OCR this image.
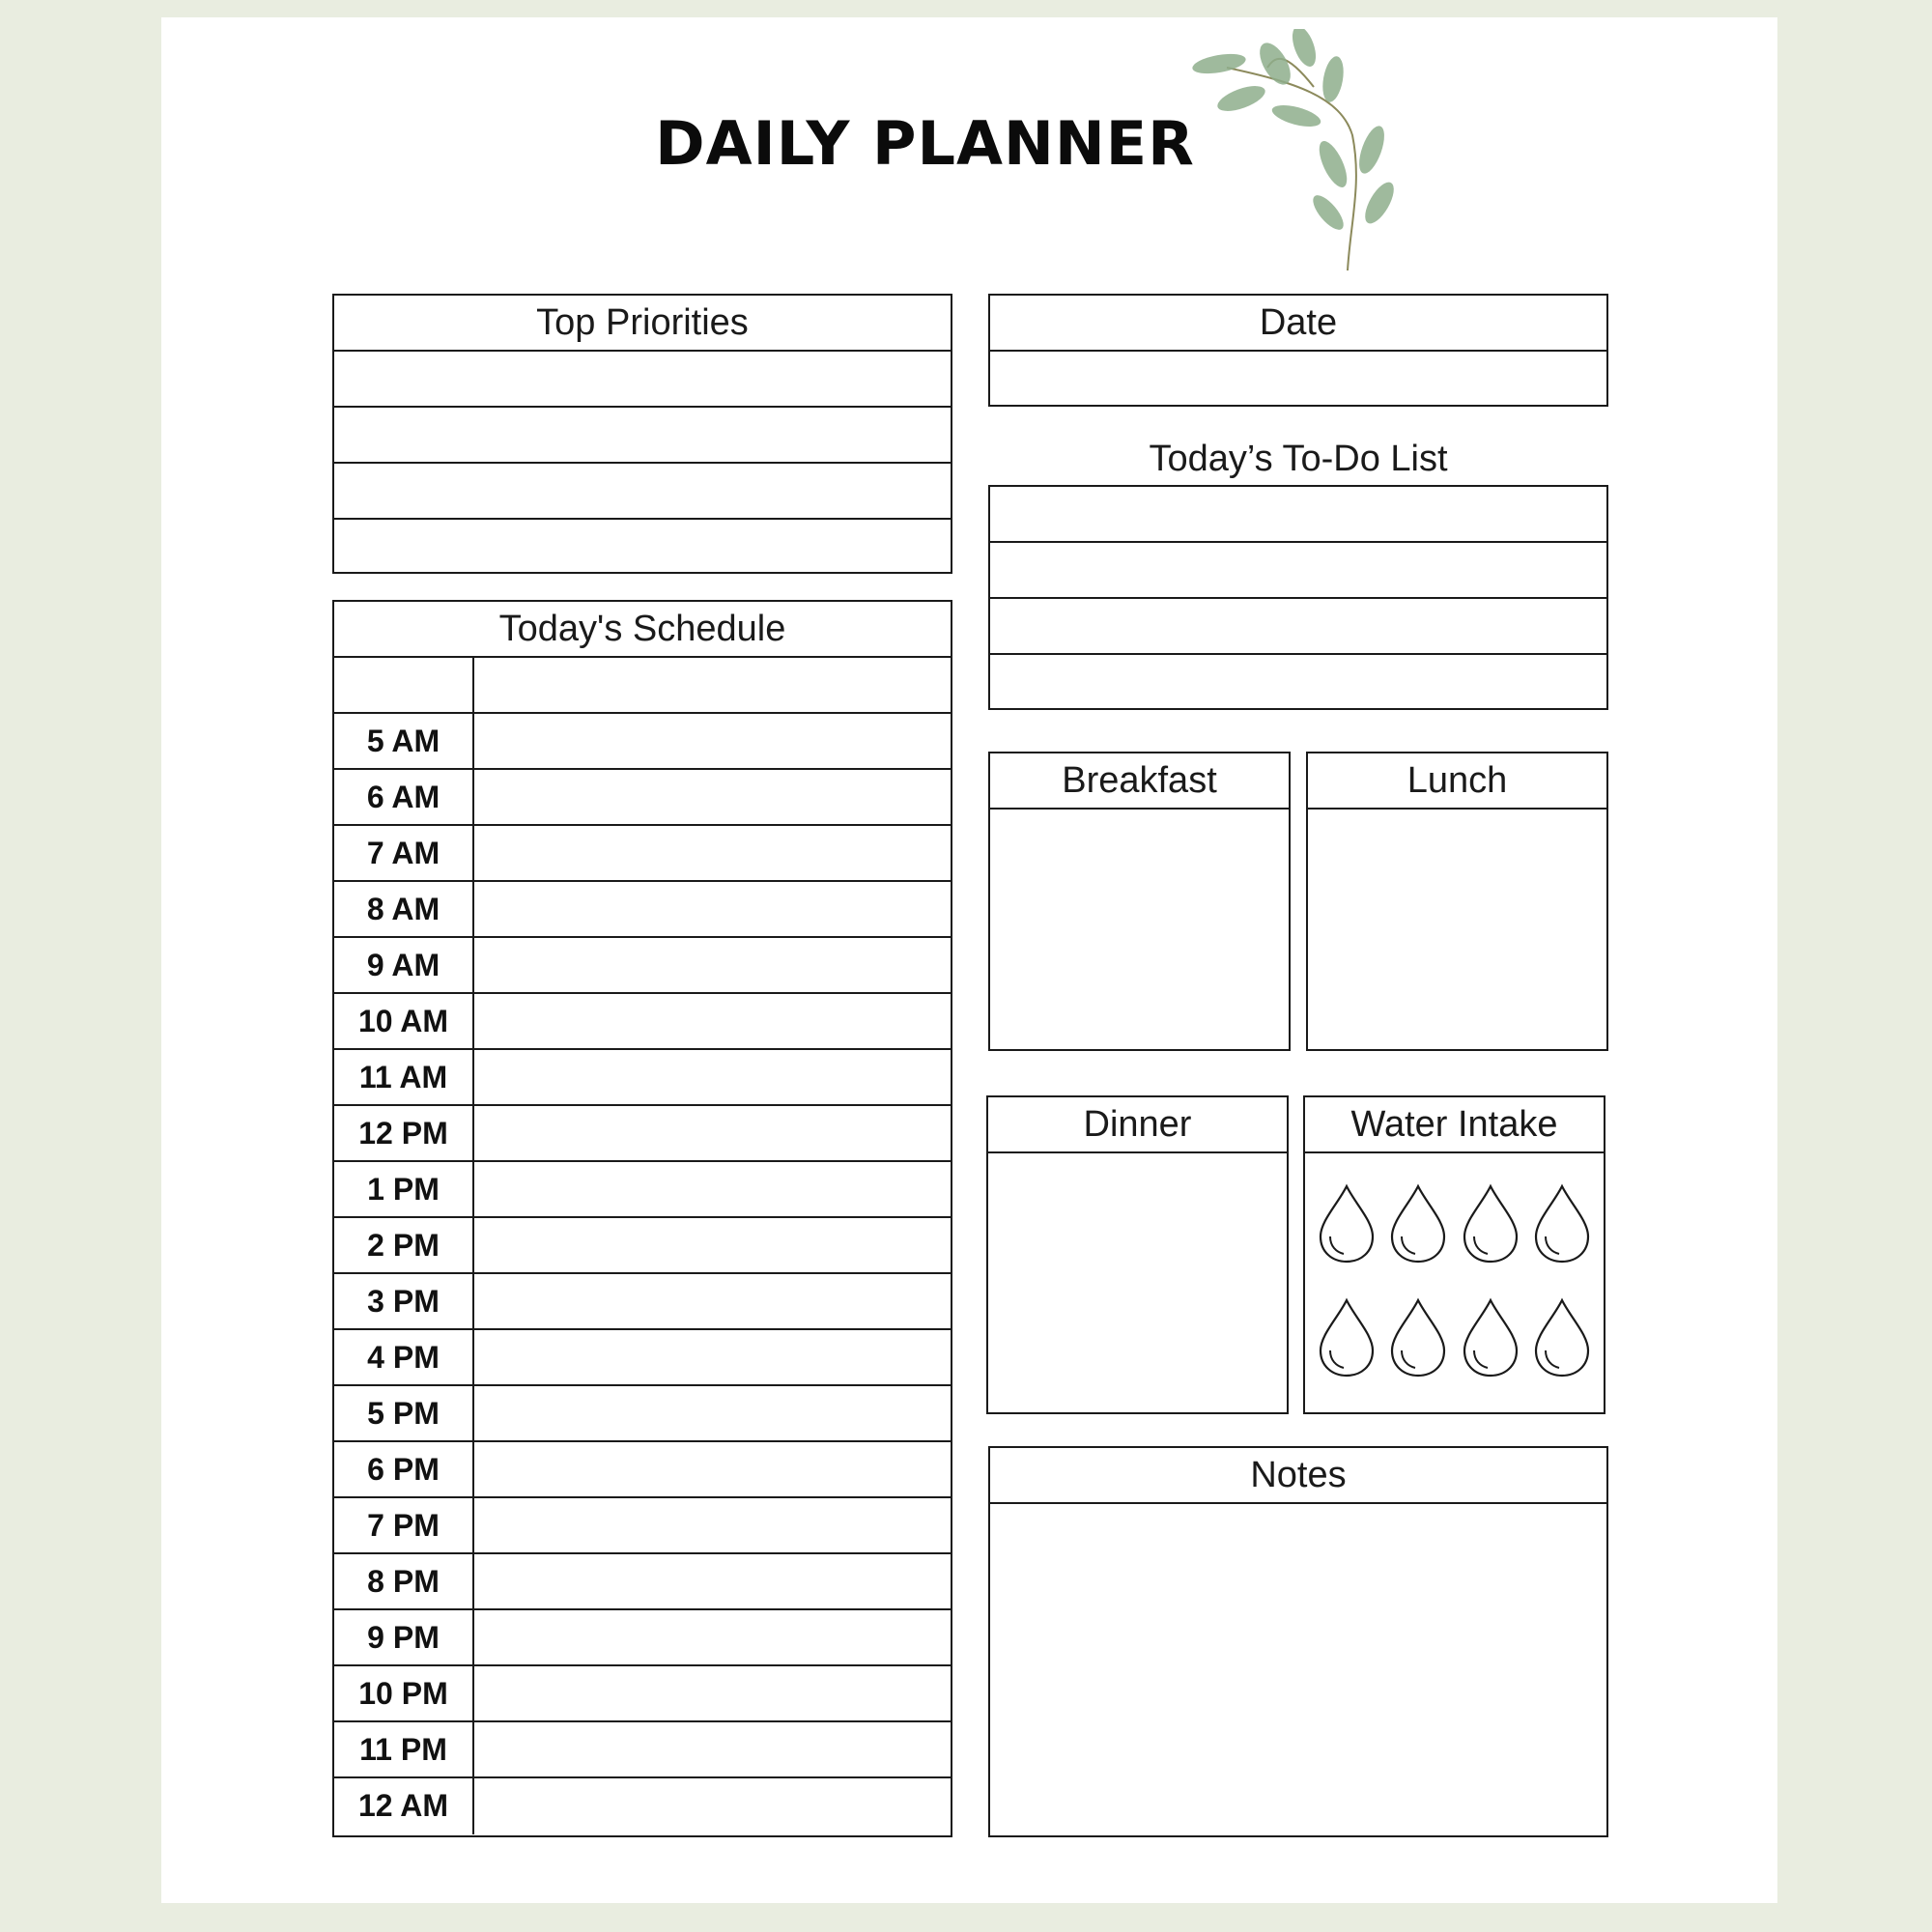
DAILY PLANNER
Top Priorities	Date
Today’s To-Do List
Today's Schedule
5 AM
6 AM
7 AM
8 AM
9 AM
10 AM
11 AM
12 PM
1 PM
2 PM
3 PM
4 PM
5 PM
6 PM
7 PM
8 PM
9 PM
10 PM
11 PM
12 AM
Breakfast	Lunch
Dinner	Water Intake
Notes
